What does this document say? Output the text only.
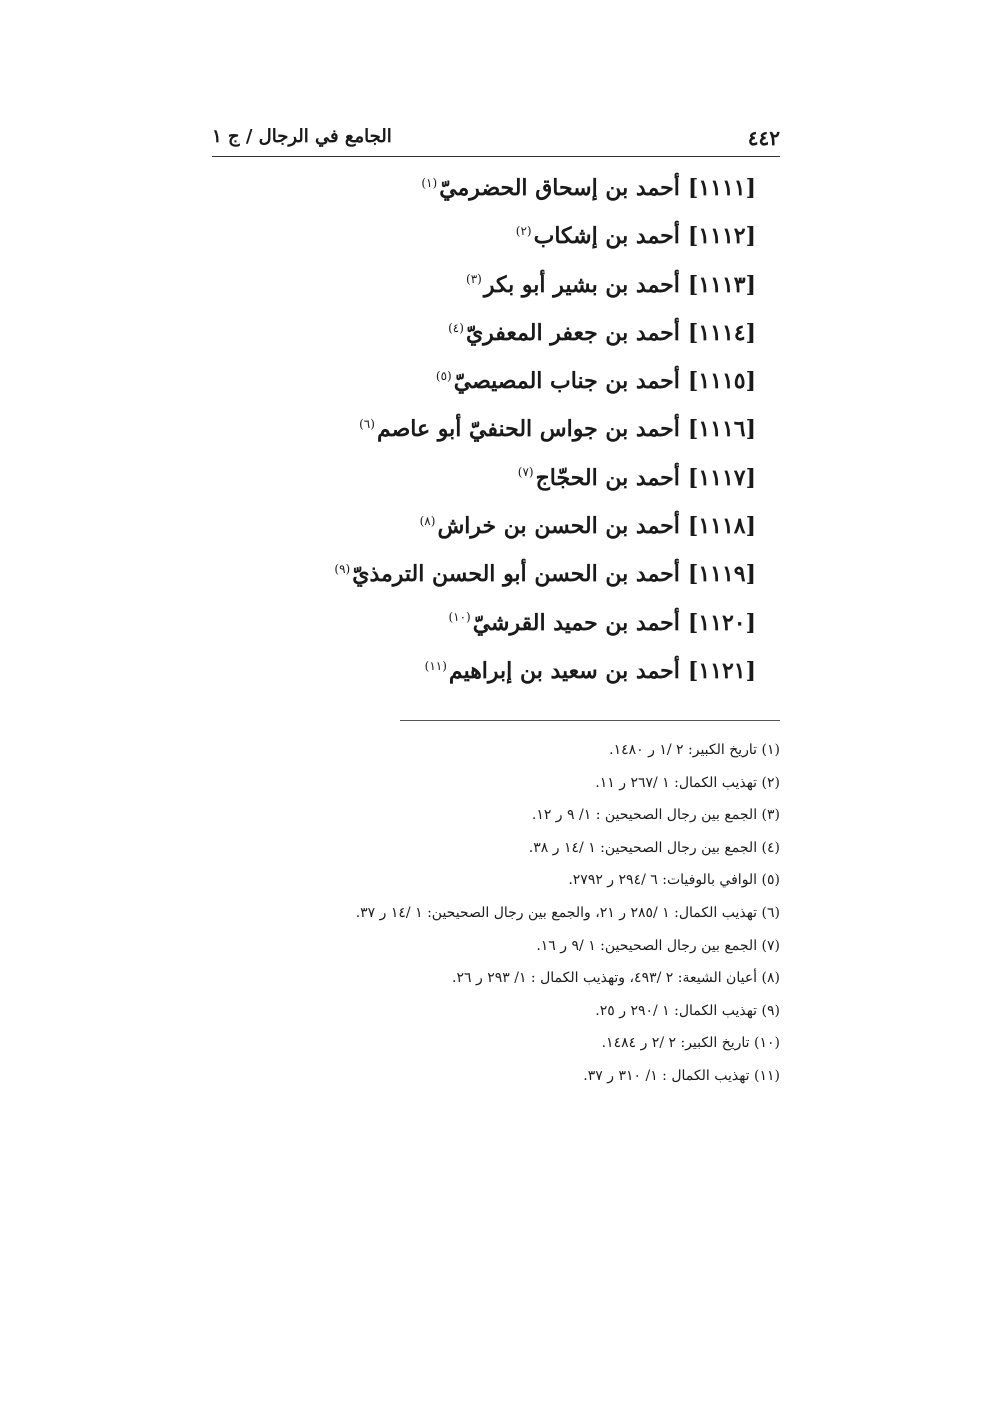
٤٤٢
الجامع في الرجال / ج ١
[١١١١]أحمد بن إسحاق الحضرميّ$^{(١)}$
[١١١٢]أحمد بن إشكاب$^{(٢)}$
[١١١٣]أحمد بن بشير أبو بكر$^{(٣)}$
[١١١٤]أحمد بن جعفر المعفريّ$^{(٤)}$
[١١١٥]أحمد بن جناب المصيصيّ$^{(٥)}$
[١١١٦]أحمد بن جواس الحنفيّ أبو عاصم$^{(٦)}$
[١١١٧]أحمد بن الحجّاج$^{(٧)}$
[١١١٨]أحمد بن الحسن بن خراش$^{(٨)}$
[١١١٩]أحمد بن الحسن أبو الحسن الترمذيّ$^{(٩)}$
[١١٢٠]أحمد بن حميد القرشيّ$^{(١٠)}$
[١١٢١]أحمد بن سعيد بن إبراهيم$^{(١١)}$
(١) تاريخ الكبير: ٢ /١ ر ١٤٨٠.
(٢) تهذيب الكمال: ١ /٢٦٧ ر ١١.
(٣) الجمع بين رجال الصحيحين : ١/ ٩ ر ١٢.
(٤) الجمع بين رجال الصحيحين: ١ /١٤ ر ٣٨.
(٥) الوافي بالوفيات: ٦ /٢٩٤ ر ٢٧٩٢.
(٦) تهذيب الكمال: ١ /٢٨٥ ر ٢١، والجمع بين رجال الصحيحين: ١ /١٤ ر ٣٧.
(٧) الجمع بين رجال الصحيحين: ١ /٩ ر ١٦.
(٨) أعيان الشيعة: ٢ /٤٩٣، وتهذيب الكمال : ١/ ٢٩٣ ر ٢٦.
(٩) تهذيب الكمال: ١ /٢٩٠ ر ٢٥.
(١٠) تاريخ الكبير: ٢ /٢ ر ١٤٨٤.
(١١) تهذيب الكمال : ١/ ٣١٠ ر ٣٧.
